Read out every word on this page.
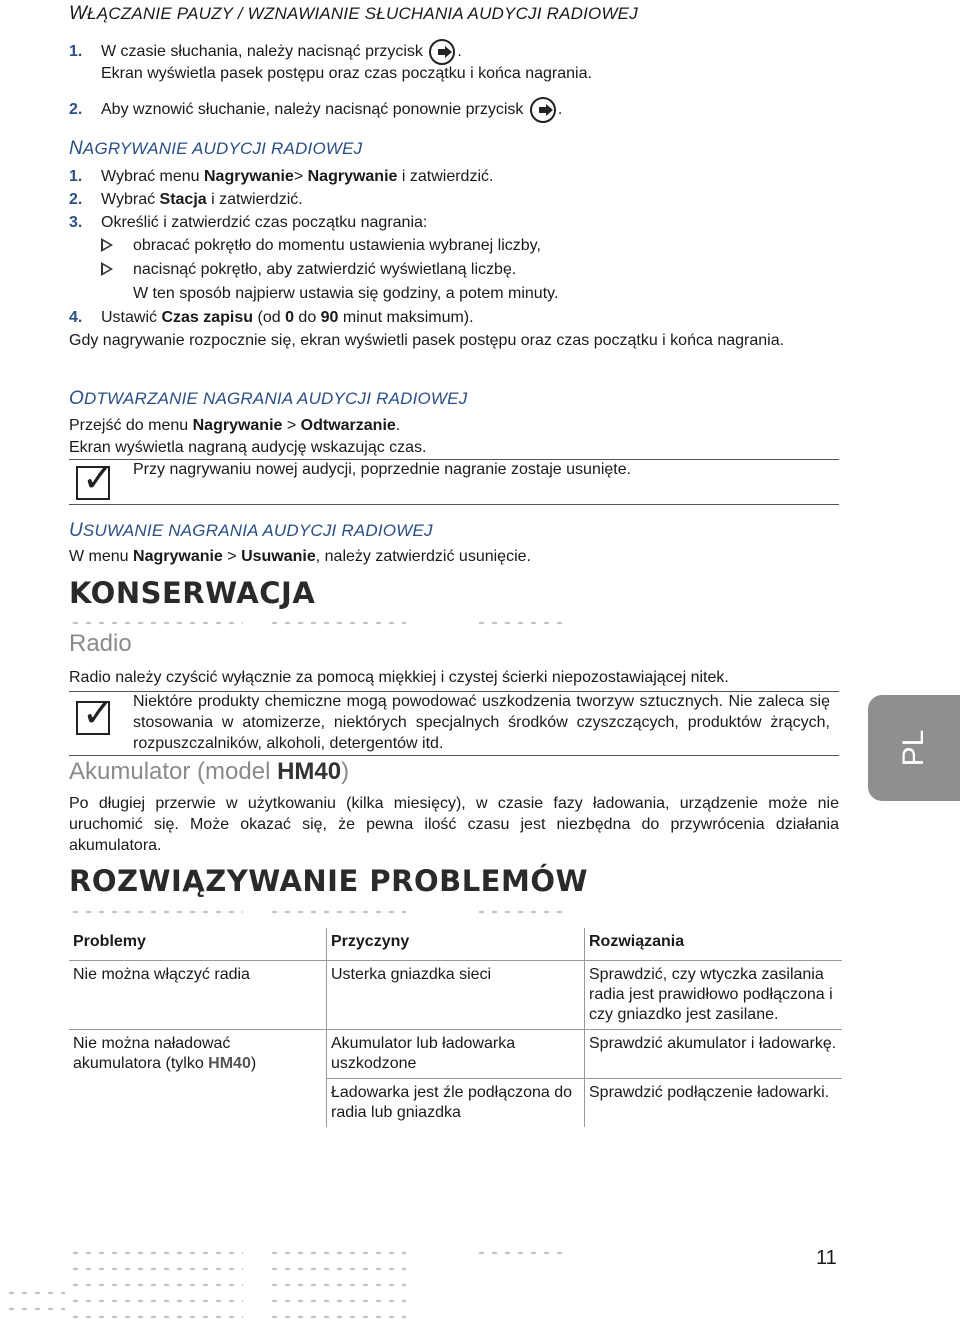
WŁĄCZANIE PAUZY / WZNAWIANIE SŁUCHANIA AUDYCJI RADIOWEJ
1. W czasie słuchania, należy nacisnąć przycisk .
Ekran wyświetla pasek postępu oraz czas początku i końca nagrania.
2. Aby wznowić słuchanie, należy nacisnąć ponownie przycisk .
NAGRYWANIE AUDYCJI RADIOWEJ
1. Wybrać menu Nagrywanie> Nagrywanie i zatwierdzić.
2. Wybrać Stacja i zatwierdzić.
3. Określić i zatwierdzić czas początku nagrania:
obracać pokrętło do momentu ustawienia wybranej liczby,
nacisnąć pokrętło, aby zatwierdzić wyświetlaną liczbę.
W ten sposób najpierw ustawia się godziny, a potem minuty.
4. Ustawić Czas zapisu (od 0 do 90 minut maksimum).
Gdy nagrywanie rozpocznie się, ekran wyświetli pasek postępu oraz czas początku i końca nagrania.
ODTWARZANIE NAGRANIA AUDYCJI RADIOWEJ
Przejść do menu Nagrywanie > Odtwarzanie.
Ekran wyświetla nagraną audycję wskazując czas.
✓ Przy nagrywaniu nowej audycji, poprzednie nagranie zostaje usunięte.
USUWANIE NAGRANIA AUDYCJI RADIOWEJ
W menu Nagrywanie > Usuwanie, należy zatwierdzić usunięcie.
KONSERWACJA
Radio
Radio należy czyścić wyłącznie za pomocą miękkiej i czystej ścierki niepozostawiającej nitek.
✓ Niektóre produkty chemiczne mogą powodować uszkodzenia tworzyw sztucznych. Nie zaleca się stosowania w atomizerze, niektórych specjalnych środków czyszczących, produktów żrących, rozpuszczalników, alkoholi, detergentów itd.
Akumulator (model HM40)
Po długiej przerwie w użytkowaniu (kilka miesięcy), w czasie fazy ładowania, urządzenie może nie uruchomić się. Może okazać się, że pewna ilość czasu jest niezbędna do przywrócenia działania akumulatora.
ROZWIĄZYWANIE PROBLEMÓW
Problemy	Przyczyny	Rozwiązania
Nie można włączyć radia	Usterka gniazdka sieci	Sprawdzić, czy wtyczka zasilania radia jest prawidłowo podłączona i czy gniazdko jest zasilane.
Nie można naładować akumulatora (tylko HM40)	Akumulator lub ładowarka uszkodzone	Sprawdzić akumulator i ładowarkę.
	Ładowarka jest źle podłączona do radia lub gniazdka	Sprawdzić podłączenie ładowarki.
PL
11
